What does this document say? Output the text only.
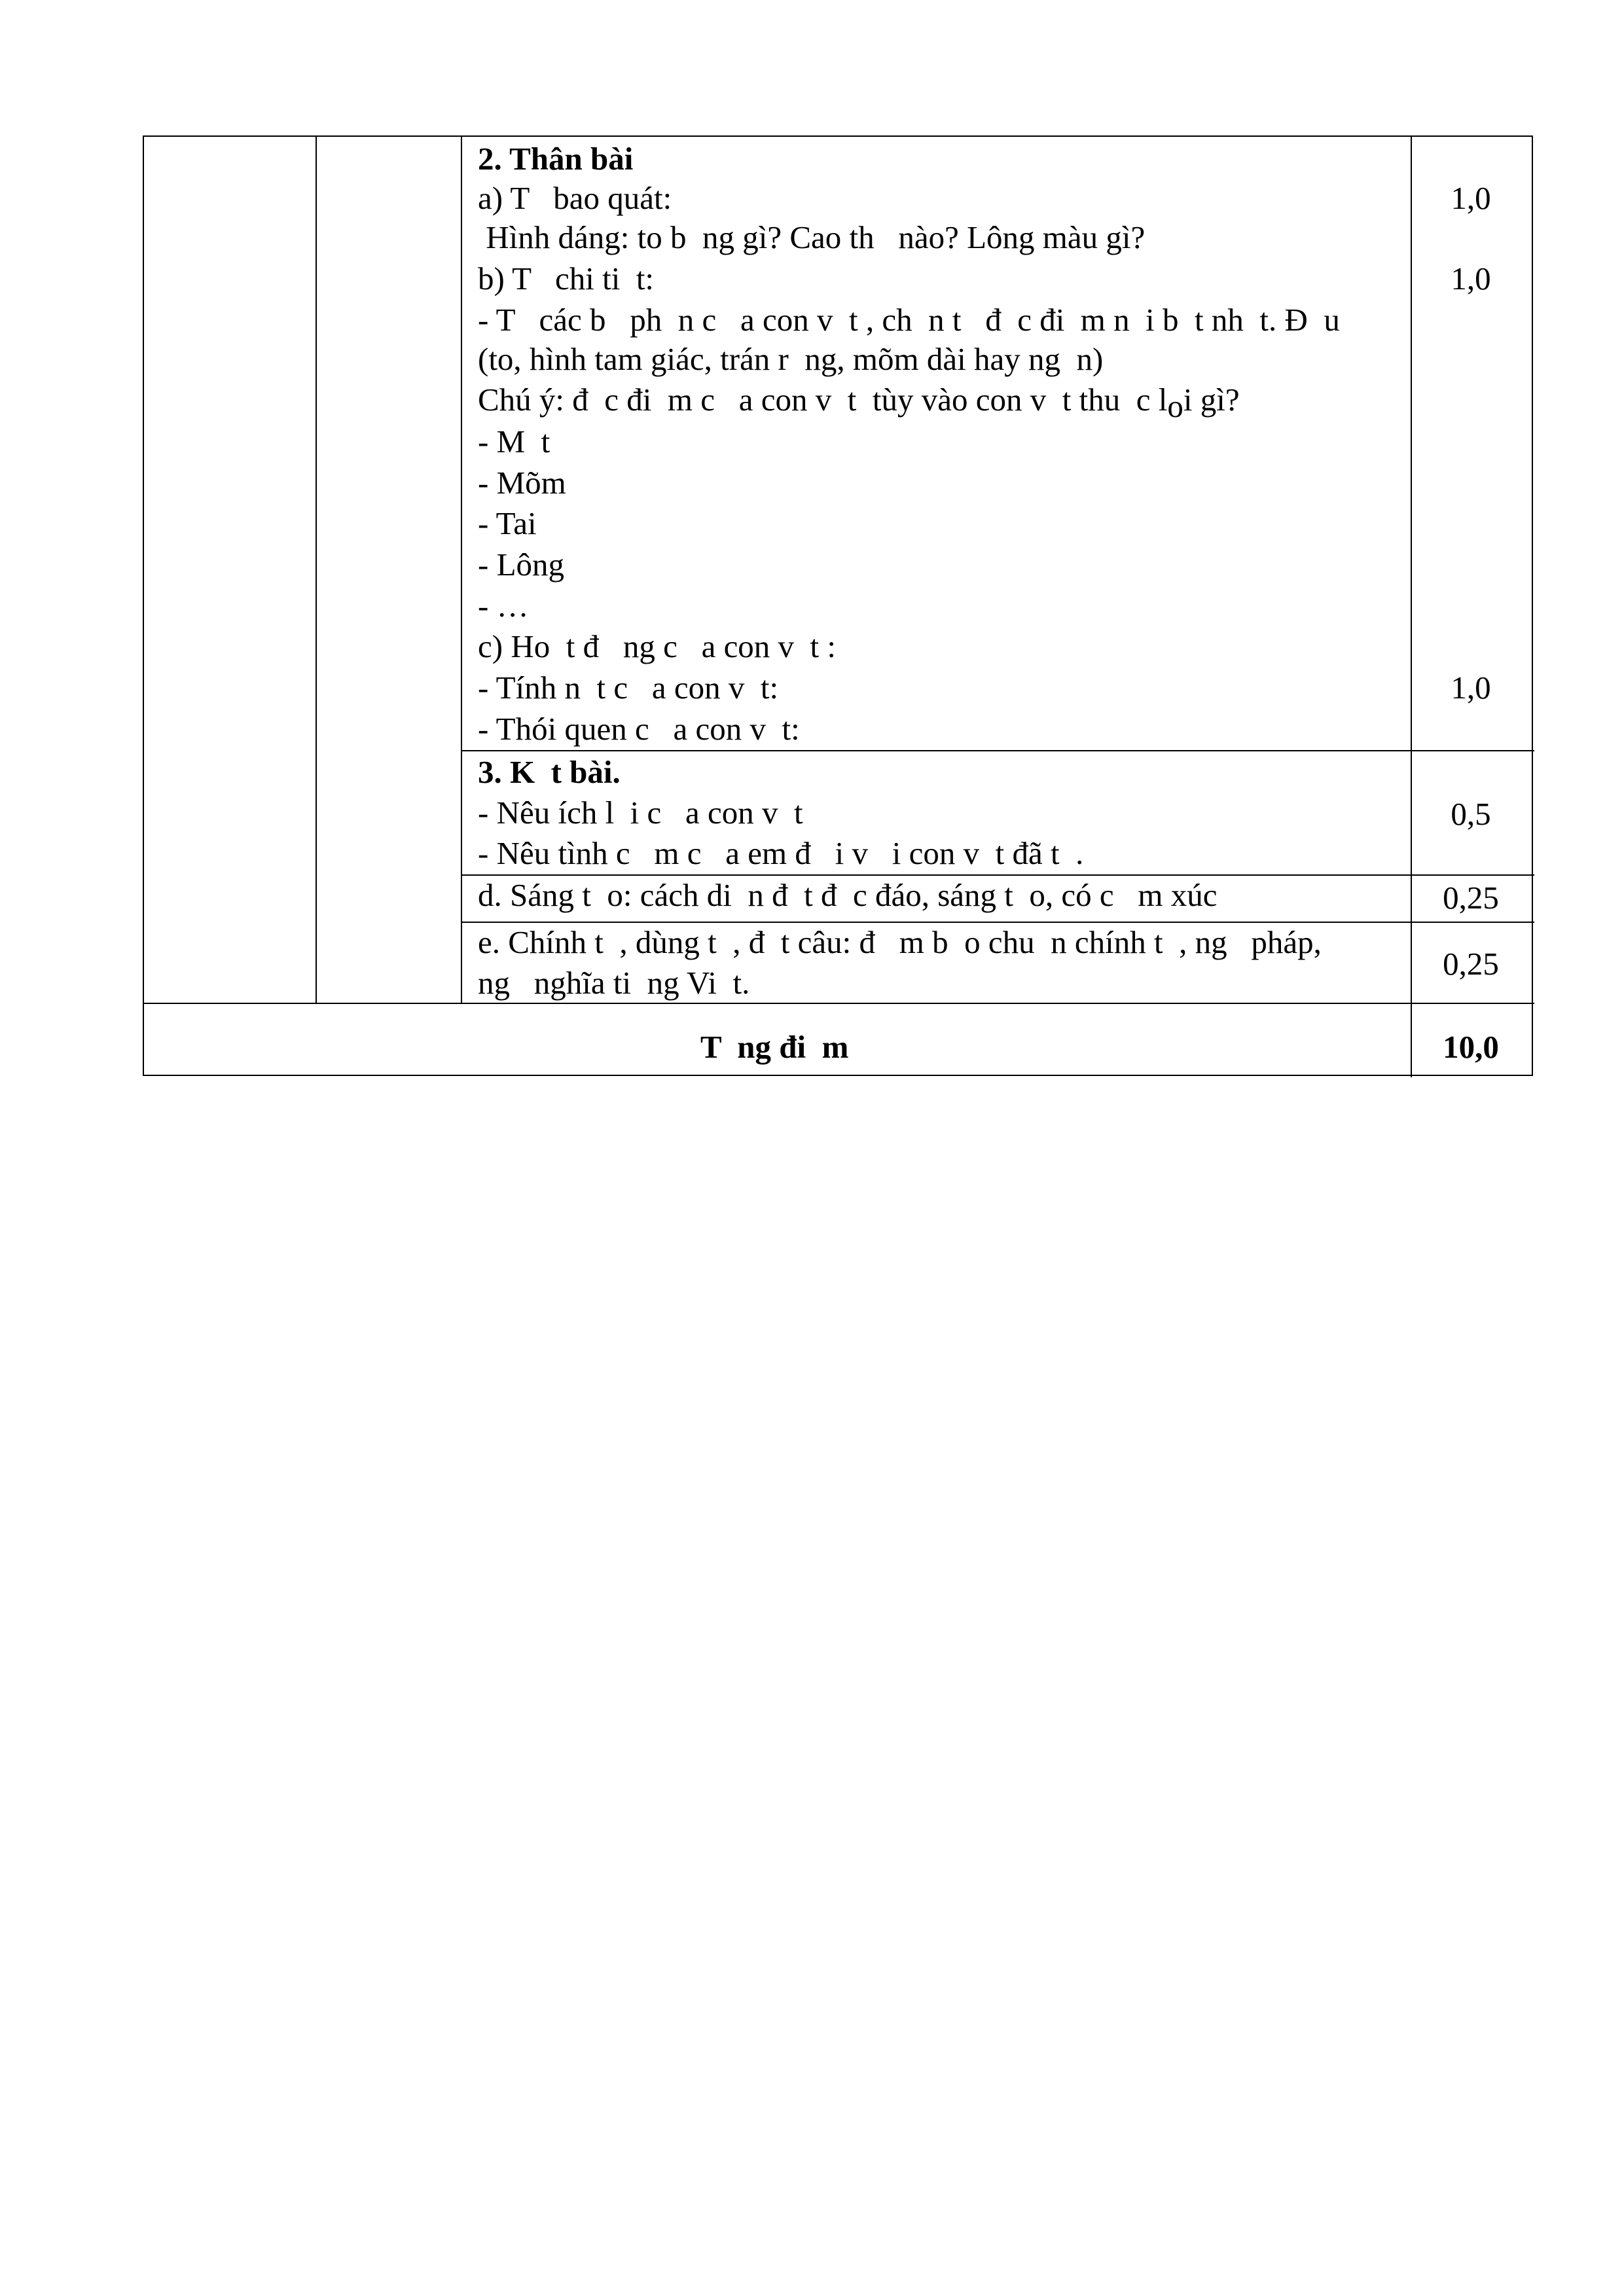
2. Thân bài
a) T   bao quát:
Hình dáng: to b  ng gì? Cao th   nào? Lông màu gì?
b) T   chi ti  t:
- T   các b   ph  n c   a con v  t , ch  n t   đ  c đi  m n  i b  t nh  t. Đ  u
(to, hình tam giác, trán r  ng, mõm dài hay ng  n)
Chú ý: đ  c đi  m c   a con v  t  tùy vào con v  t thu  c loi gì?
- M  t
- Mõm
- Tai
- Lông
- …
c) Ho  t đ   ng c   a con v  t :
- Tính n  t c   a con v  t:
- Thói quen c   a con v  t:
1,0
1,0
1,0
3. K  t bài.
- Nêu ích l  i c   a con v  t
- Nêu tình c   m c   a em đ   i v   i con v  t đã t  .
0,5
d. Sáng t  o: cách di  n đ  t đ  c đáo, sáng t  o, có c   m xúc	0,25
e. Chính t  , dùng t  , đ  t câu: đ   m b  o chu  n chính t  , ng   pháp,
ng   nghĩa ti  ng Vi  t.
0,25
T  ng đi  m	10,0
